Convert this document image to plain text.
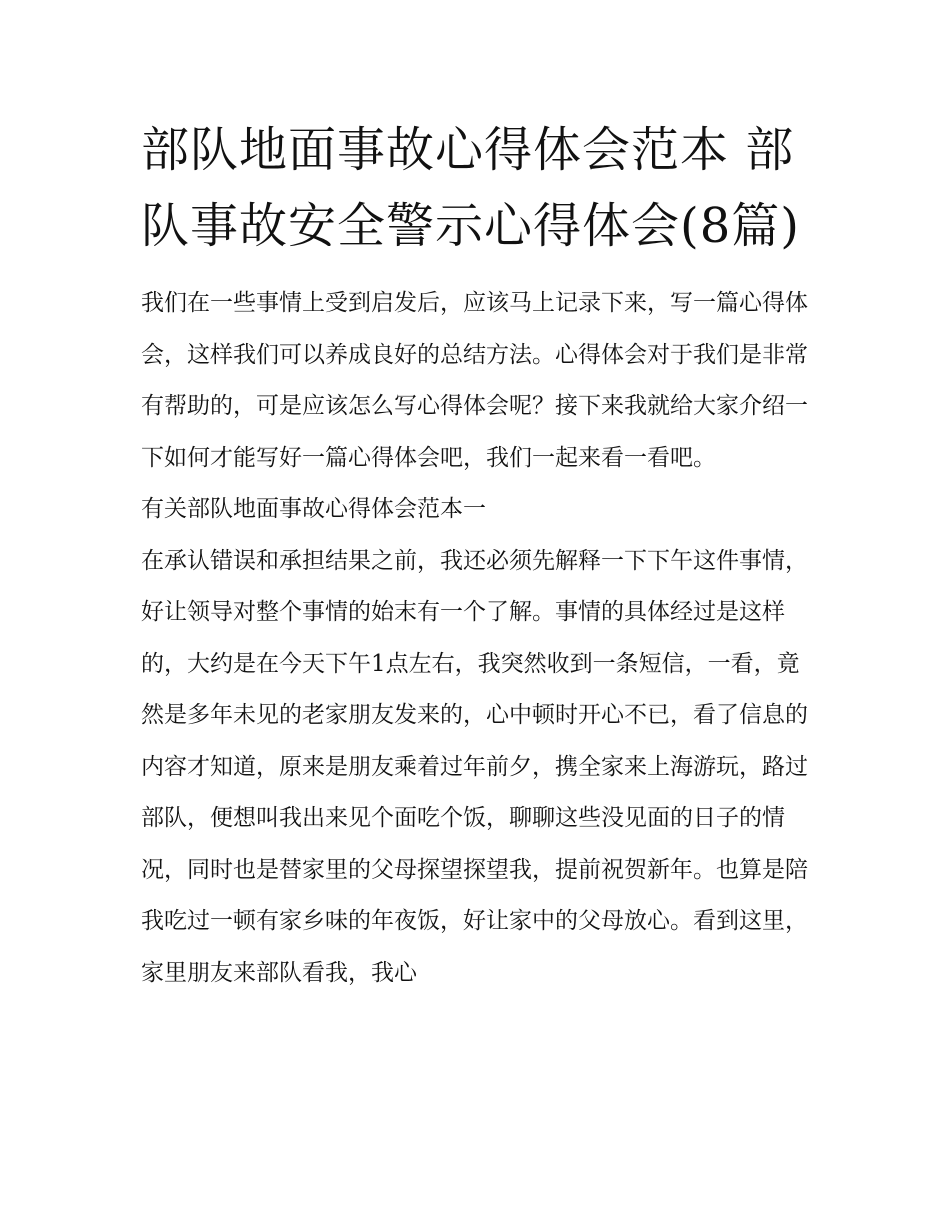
部队地面事故心得体会范本 部队事故安全警示心得体会(8篇)

我们在一些事情上受到启发后，应该马上记录下来，写一篇心得体会，这样我们可以养成良好的总结方法。心得体会对于我们是非常有帮助的，可是应该怎么写心得体会呢？接下来我就给大家介绍一下如何才能写好一篇心得体会吧，我们一起来看一看吧。

有关部队地面事故心得体会范本一

在承认错误和承担结果之前，我还必须先解释一下下午这件事情，好让领导对整个事情的始末有一个了解。事情的具体经过是这样的，大约是在今天下午1点左右，我突然收到一条短信，一看，竟然是多年未见的老家朋友发来的，心中顿时开心不已，看了信息的内容才知道，原来是朋友乘着过年前夕，携全家来上海游玩，路过部队，便想叫我出来见个面吃个饭，聊聊这些没见面的日子的情况，同时也是替家里的父母探望探望我，提前祝贺新年。也算是陪我吃过一顿有家乡味的年夜饭，好让家中的父母放心。看到这里，家里朋友来部队看我，我心
